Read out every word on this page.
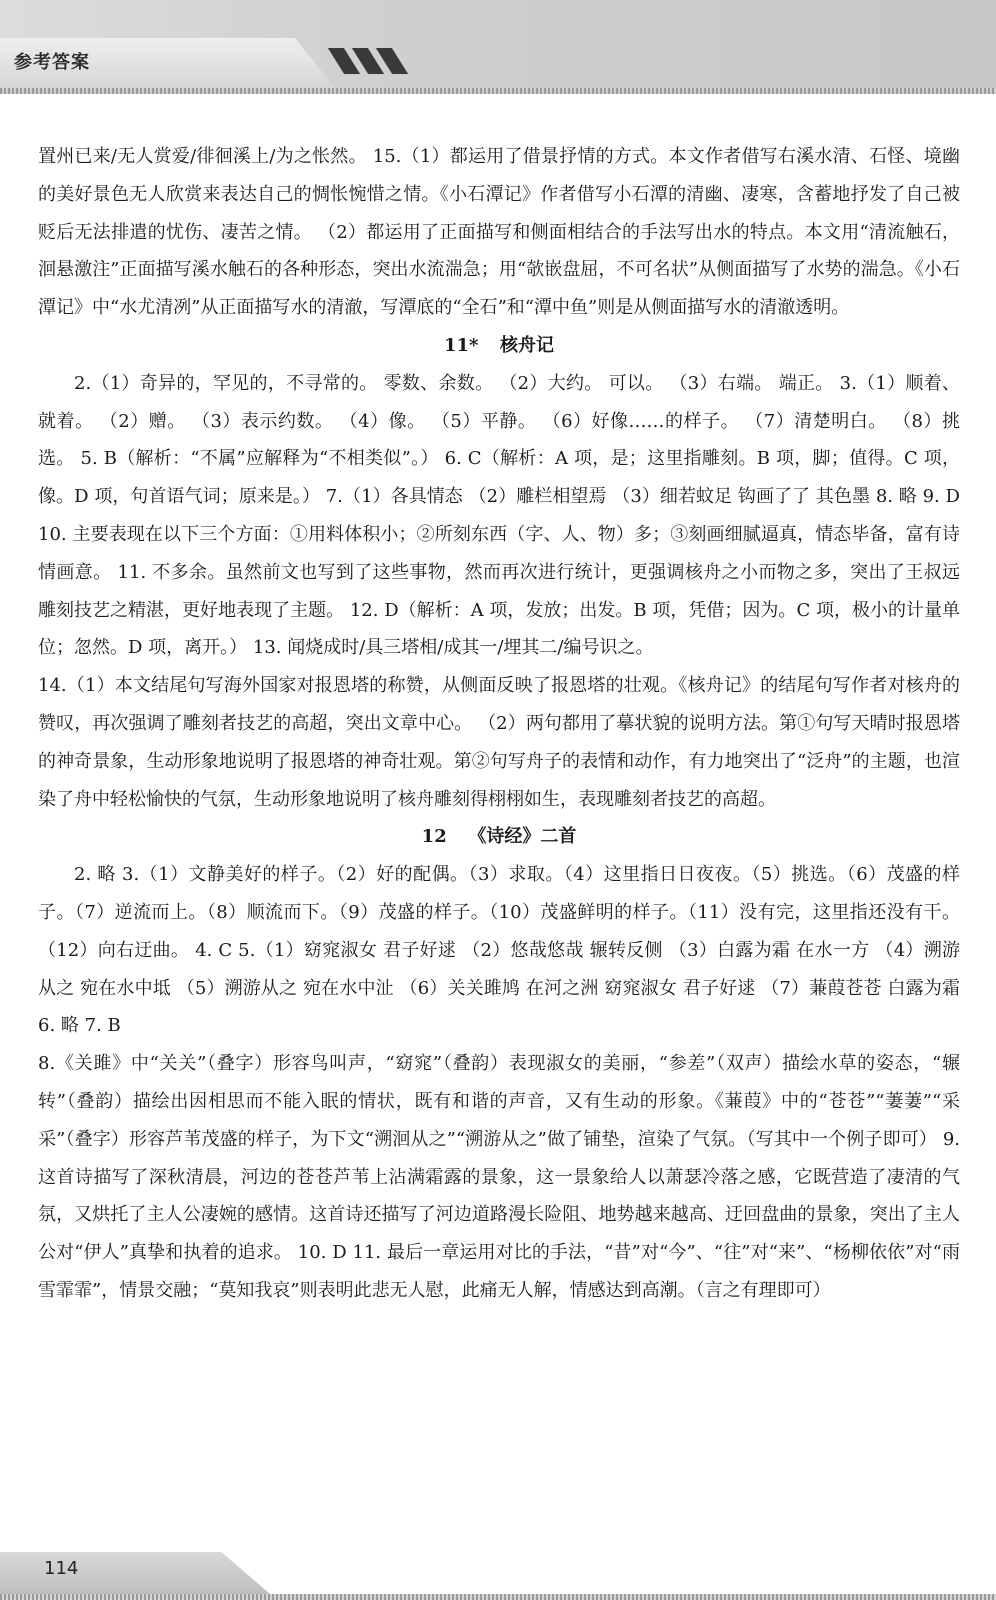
参考答案

置州已来/无人赏爱/徘徊溪上/为之怅然。 15.（1）都运用了借景抒情的方式。本文作者借写右溪水清、石怪、境幽的美好景色无人欣赏来表达自己的惆怅惋惜之情。《小石潭记》作者借写小石潭的清幽、凄寒，含蓄地抒发了自己被贬后无法排遣的忧伤、凄苦之情。 （2）都运用了正面描写和侧面相结合的手法写出水的特点。本文用“清流触石，洄悬激注”正面描写溪水触石的各种形态，突出水流湍急；用“欹嵌盘屈，不可名状”从侧面描写了水势的湍急。《小石潭记》中“水尤清冽”从正面描写水的清澈，写潭底的“全石”和“潭中鱼”则是从侧面描写水的清澈透明。

11* 核舟记

2.（1）奇异的，罕见的，不寻常的。 零数、余数。 （2）大约。 可以。 （3）右端。 端正。 3.（1）顺着、就着。 （2）赠。 （3）表示约数。 （4）像。 （5）平静。 （6）好像……的样子。 （7）清楚明白。 （8）挑选。 5. B（解析：“不属”应解释为“不相类似”。） 6. C（解析：A 项，是；这里指雕刻。B 项，脚；值得。C 项，像。D 项，句首语气词；原来是。） 7.（1）各具情态 （2）雕栏相望焉 （3）细若蚊足 钩画了了 其色墨 8. 略 9. D 10. 主要表现在以下三个方面：①用料体积小；②所刻东西（字、人、物）多；③刻画细腻逼真，情态毕备，富有诗情画意。 11. 不多余。虽然前文也写到了这些事物，然而再次进行统计，更强调核舟之小而物之多，突出了王叔远雕刻技艺之精湛，更好地表现了主题。 12. D（解析：A 项，发放；出发。B 项，凭借；因为。C 项，极小的计量单位；忽然。D 项，离开。） 13. 闻烧成时/具三塔相/成其一/埋其二/编号识之。

14.（1）本文结尾句写海外国家对报恩塔的称赞，从侧面反映了报恩塔的壮观。《核舟记》的结尾句写作者对核舟的赞叹，再次强调了雕刻者技艺的高超，突出文章中心。 （2）两句都用了摹状貌的说明方法。第①句写天晴时报恩塔的神奇景象，生动形象地说明了报恩塔的神奇壮观。第②句写舟子的表情和动作，有力地突出了“泛舟”的主题，也渲染了舟中轻松愉快的气氛，生动形象地说明了核舟雕刻得栩栩如生，表现雕刻者技艺的高超。

12 《诗经》二首

2. 略 3.（1）文静美好的样子。（2）好的配偶。（3）求取。（4）这里指日日夜夜。（5）挑选。（6）茂盛的样子。（7）逆流而上。（8）顺流而下。（9）茂盛的样子。（10）茂盛鲜明的样子。（11）没有完，这里指还没有干。（12）向右迂曲。 4. C 5.（1）窈窕淑女 君子好逑 （2）悠哉悠哉 辗转反侧 （3）白露为霜 在水一方 （4）溯游从之 宛在水中坻 （5）溯游从之 宛在水中沚 （6）关关雎鸠 在河之洲 窈窕淑女 君子好逑 （7）蒹葭苍苍 白露为霜 6. 略 7. B

8.《关雎》中“关关”（叠字）形容鸟叫声，“窈窕”（叠韵）表现淑女的美丽，“参差”（双声）描绘水草的姿态，“辗转”（叠韵）描绘出因相思而不能入眠的情状，既有和谐的声音，又有生动的形象。《蒹葭》中的“苍苍”“萋萋”“采采”（叠字）形容芦苇茂盛的样子，为下文“溯洄从之”“溯游从之”做了铺垫，渲染了气氛。（写其中一个例子即可） 9. 这首诗描写了深秋清晨，河边的苍苍芦苇上沾满霜露的景象，这一景象给人以萧瑟冷落之感，它既营造了凄清的气氛，又烘托了主人公凄婉的感情。这首诗还描写了河边道路漫长险阻、地势越来越高、迂回盘曲的景象，突出了主人公对“伊人”真挚和执着的追求。 10. D 11. 最后一章运用对比的手法，“昔”对“今”、“往”对“来”、“杨柳依依”对“雨雪霏霏”，情景交融；“莫知我哀”则表明此悲无人慰，此痛无人解，情感达到高潮。（言之有理即可）

114
